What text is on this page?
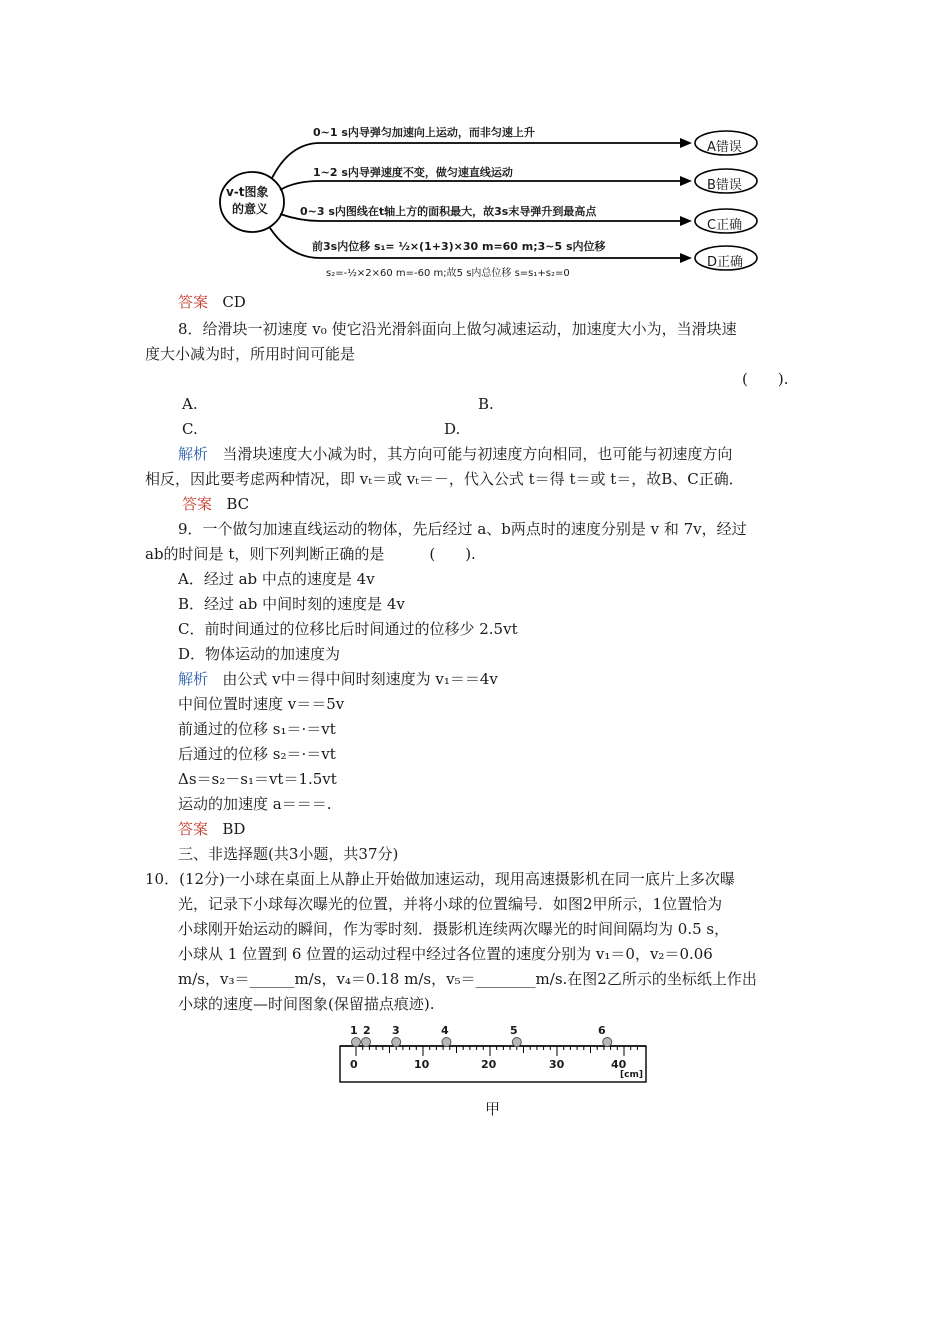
v-t图象
的意义
0~1 s内导弹匀加速向上运动，而非匀速上升
1~2 s内导弹速度不变，做匀速直线运动
0~3 s内图线在t轴上方的面积最大，故3s末导弹升到最高点
前3s内位移 s₁= ½×(1+3)×30 m=60 m;3~5 s内位移
s₂=-½×2×60 m=-60 m;故5 s内总位移 s=s₁+s₂=0
A错误
B错误
C正确
D正确
答案 CD
8．给滑块一初速度 v₀ 使它沿光滑斜面向上做匀减速运动，加速度大小为，当滑块速
度大小减为时，所用时间可能是
(　　).
A.	B.
C.	D.
解析 当滑块速度大小减为时，其方向可能与初速度方向相同，也可能与初速度方向
相反，因此要考虑两种情况，即 vₜ＝或 vₜ＝－，代入公式 t＝得 t＝或 t＝，故B、C正确．
答案 BC
9．一个做匀加速直线运动的物体，先后经过 a、b两点时的速度分别是 v 和 7v，经过
ab的时间是 t，则下列判断正确的是　　　(　　).
A．经过 ab 中点的速度是 4v
B．经过 ab 中间时刻的速度是 4v
C．前时间通过的位移比后时间通过的位移少 2.5vt
D．物体运动的加速度为
解析 由公式 v中＝得中间时刻速度为 v₁＝＝4v
中间位置时速度 v＝＝5v
前通过的位移 s₁＝·＝vt
后通过的位移 s₂＝·＝vt
Δs＝s₂－s₁＝vt＝1.5vt
运动的加速度 a＝＝＝.
答案 BD
三、非选择题(共3小题，共37分)
10．(12分)一小球在桌面上从静止开始做加速运动，现用高速摄影机在同一底片上多次曝
光，记录下小球每次曝光的位置，并将小球的位置编号．如图2甲所示，1位置恰为
小球刚开始运动的瞬间，作为零时刻．摄影机连续两次曝光的时间间隔均为 0.5 s，
小球从 1 位置到 6 位置的运动过程中经过各位置的速度分别为 v₁＝0，v₂＝0.06
m/s，v₃＝______m/s，v₄＝0.18 m/s，v₅＝________m/s.在图2乙所示的坐标纸上作出
小球的速度—时间图象(保留描点痕迹).
0	10	20	30	40
[cm]
1 2 3	4	5	6
甲
